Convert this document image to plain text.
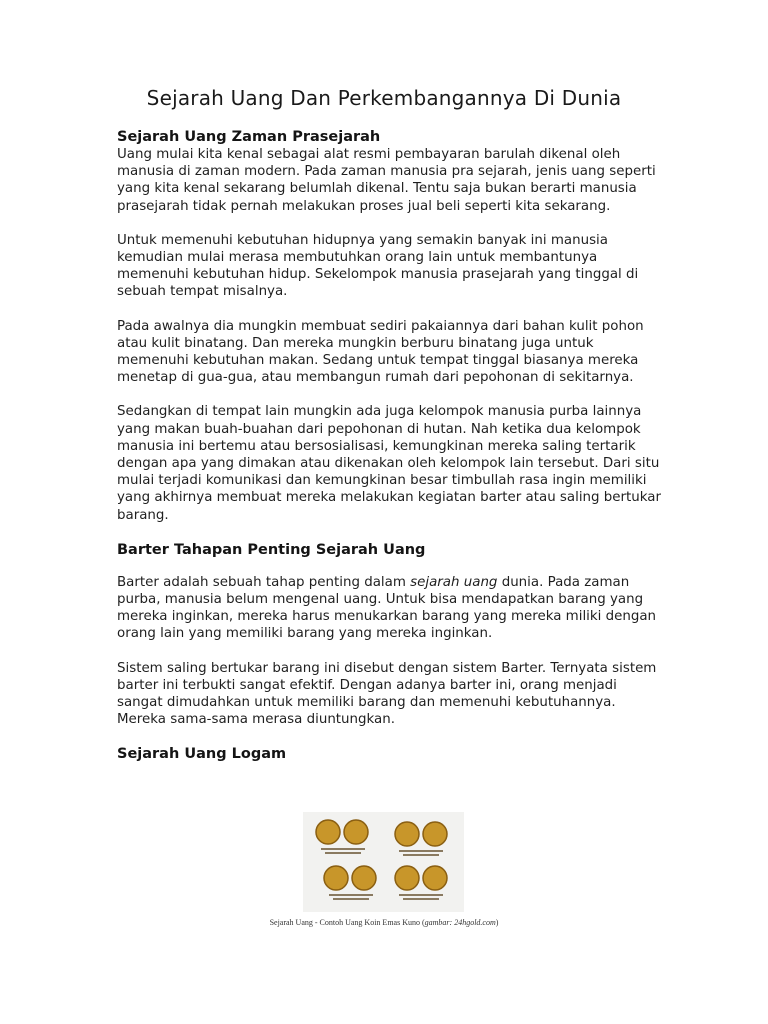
Sejarah Uang Dan Perkembangannya Di Dunia
Sejarah Uang Zaman Prasejarah

Uang mulai kita kenal sebagai alat resmi pembayaran barulah dikenal oleh manusia di zaman modern. Pada zaman manusia pra sejarah, jenis uang seperti yang kita kenal sekarang belumlah dikenal. Tentu saja bukan berarti manusia prasejarah tidak pernah melakukan proses jual beli seperti kita sekarang.

Untuk memenuhi kebutuhan hidupnya yang semakin banyak ini manusia kemudian mulai merasa membutuhkan orang lain untuk membantunya memenuhi kebutuhan hidup. Sekelompok manusia prasejarah yang tinggal di sebuah tempat misalnya.

Pada awalnya dia mungkin membuat sediri pakaiannya dari bahan kulit pohon atau kulit binatang. Dan mereka mungkin berburu binatang juga untuk memenuhi kebutuhan makan. Sedang untuk tempat tinggal biasanya mereka menetap di gua-gua, atau membangun rumah dari pepohonan di sekitarnya.

Sedangkan di tempat lain mungkin ada juga kelompok manusia purba lainnya yang makan buah-buahan dari pepohonan di hutan. Nah ketika dua kelompok manusia ini bertemu atau bersosialisasi, kemungkinan mereka saling tertarik dengan apa yang dimakan atau dikenakan oleh kelompok lain tersebut. Dari situ mulai terjadi komunikasi dan kemungkinan besar timbullah rasa ingin memiliki yang akhirnya membuat mereka melakukan kegiatan barter atau saling bertukar barang.

Barter Tahapan Penting Sejarah Uang

Barter adalah sebuah tahap penting dalam sejarah uang dunia. Pada zaman purba, manusia belum mengenal uang. Untuk bisa mendapatkan barang yang mereka inginkan, mereka harus menukarkan barang yang mereka miliki dengan orang lain yang memiliki barang yang mereka inginkan.

Sistem saling bertukar barang ini disebut dengan sistem Barter. Ternyata sistem barter ini terbukti sangat efektif. Dengan adanya barter ini, orang menjadi sangat dimudahkan untuk memiliki barang dan memenuhi kebutuhannya. Mereka sama-sama merasa diuntungkan.

Sejarah Uang Logam
Sejarah Uang - Contoh Uang Koin Emas Kuno (gambar: 24hgold.com)
